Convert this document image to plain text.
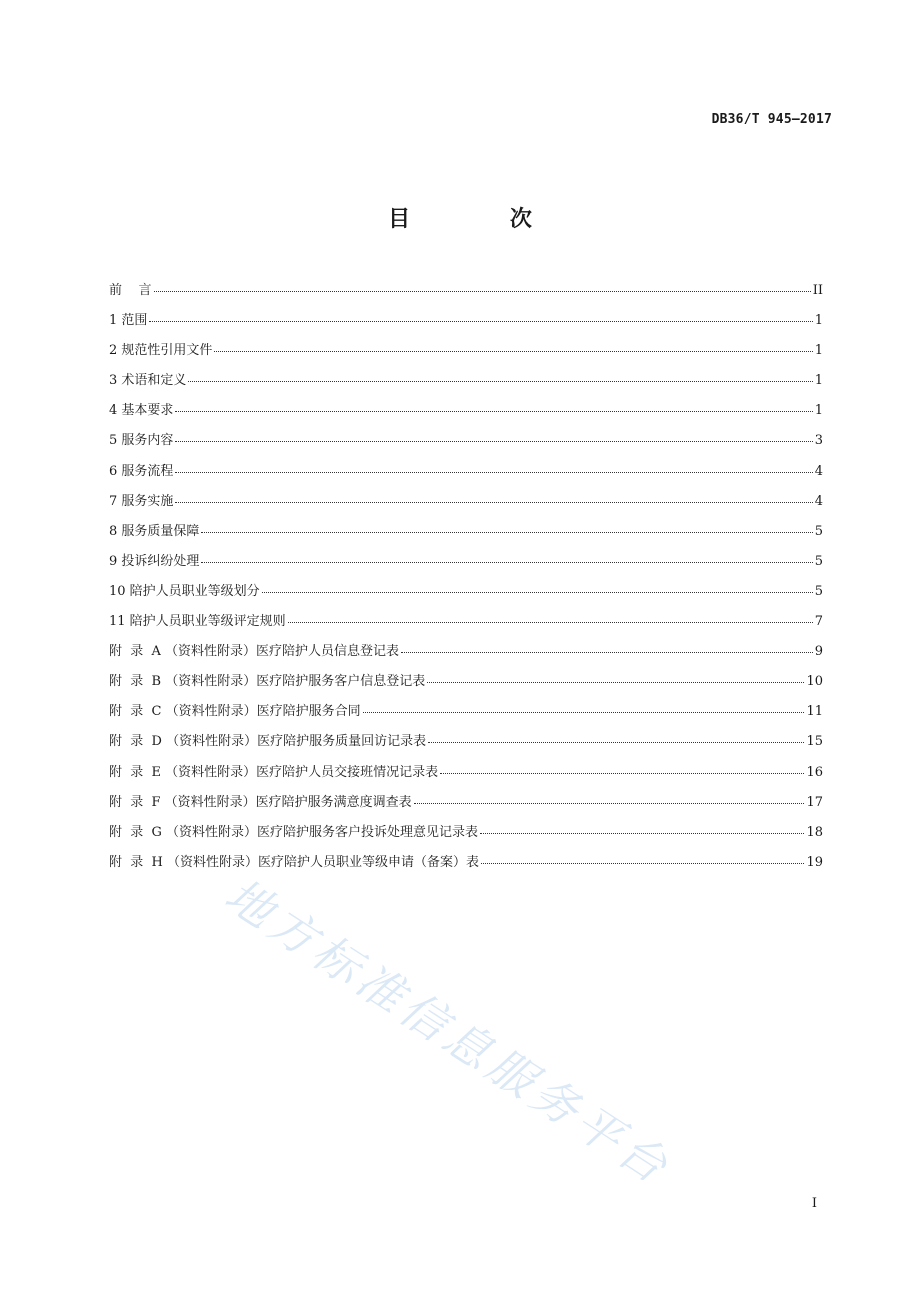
DB36/T 945—2017
目 次
前    言	II
1 范围	1
2 规范性引用文件	1
3 术语和定义	1
4 基本要求	1
5 服务内容	3
6 服务流程	4
7 服务实施	4
8 服务质量保障	5
9 投诉纠纷处理	5
10 陪护人员职业等级划分	5
11 陪护人员职业等级评定规则	7
附  录  A （资料性附录）医疗陪护人员信息登记表	9
附  录  B （资料性附录）医疗陪护服务客户信息登记表	10
附  录  C （资料性附录）医疗陪护服务合同	11
附  录  D （资料性附录）医疗陪护服务质量回访记录表	15
附  录  E （资料性附录）医疗陪护人员交接班情况记录表	16
附  录  F （资料性附录）医疗陪护服务满意度调查表	17
附  录  G （资料性附录）医疗陪护服务客户投诉处理意见记录表	18
附  录  H （资料性附录）医疗陪护人员职业等级申请（备案）表	19
地方标准信息服务平台
I
